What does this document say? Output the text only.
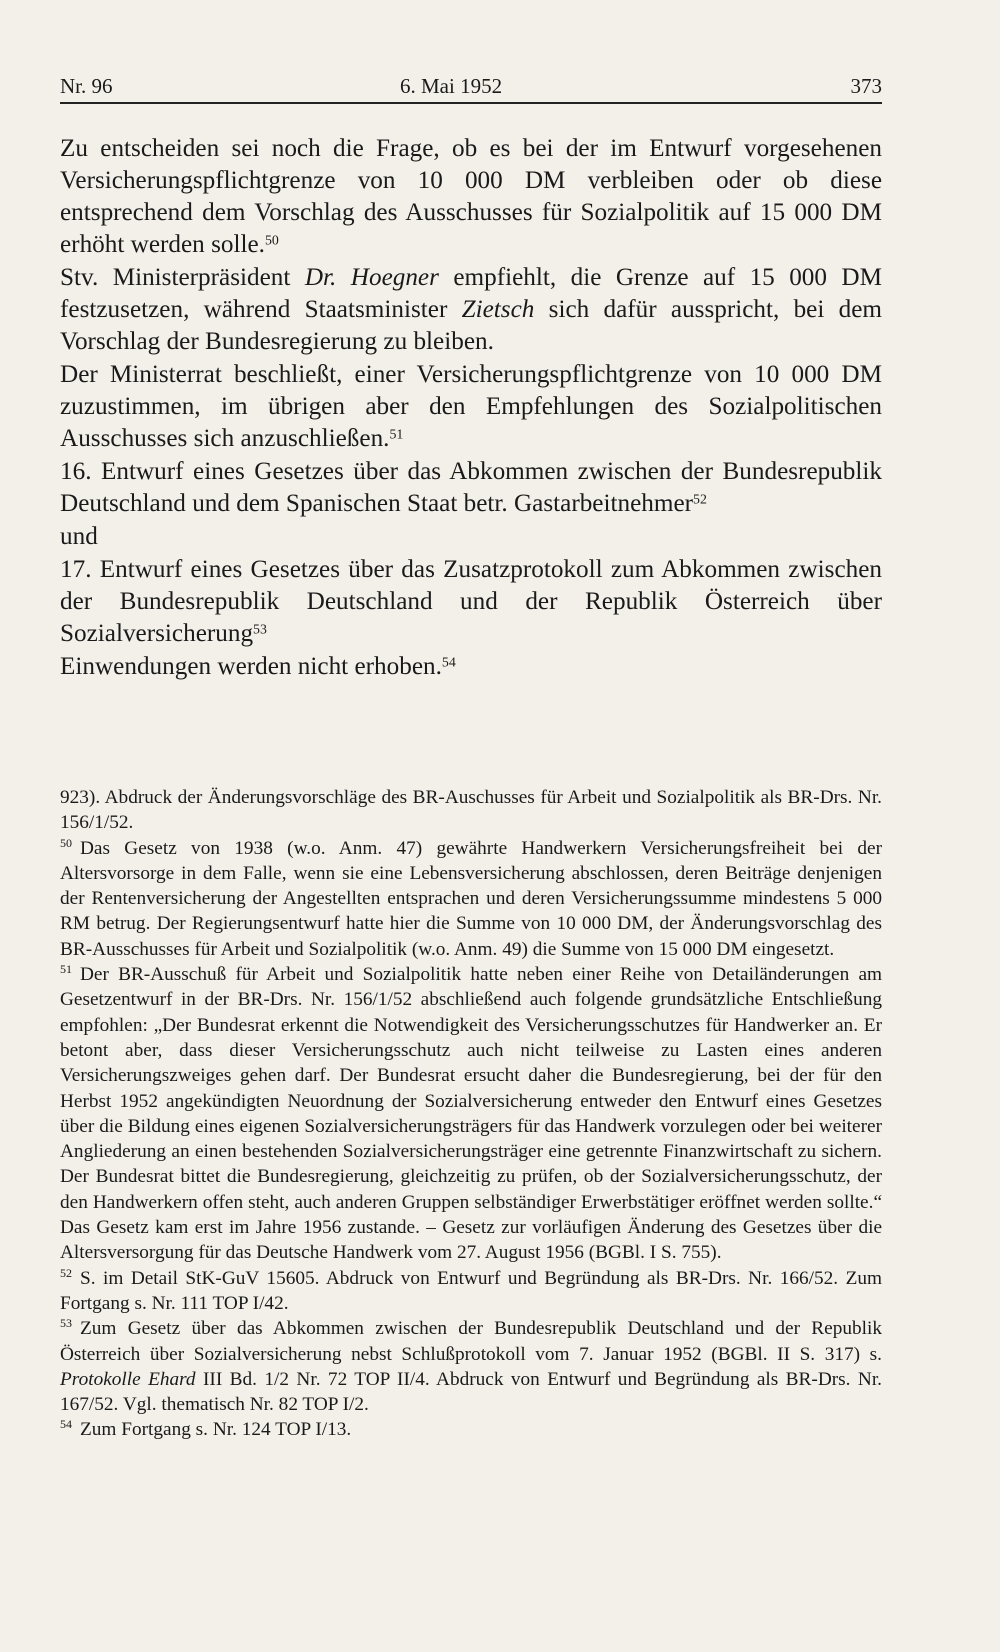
Nr. 96	6. Mai 1952	373

Zu entscheiden sei noch die Frage, ob es bei der im Entwurf vorgesehenen Versicherungspflichtgrenze von 10 000 DM verbleiben oder ob diese entsprechend dem Vorschlag des Ausschusses für Sozialpolitik auf 15 000 DM erhöht werden solle.$^{50}$

Stv. Ministerpräsident Dr. Hoegner empfiehlt, die Grenze auf 15 000 DM festzusetzen, während Staatsminister Zietsch sich dafür ausspricht, bei dem Vorschlag der Bundesregierung zu bleiben.

Der Ministerrat beschließt, einer Versicherungspflichtgrenze von 10 000 DM zuzustimmen, im übrigen aber den Empfehlungen des Sozialpolitischen Ausschusses sich anzuschließen.$^{51}$

16. Entwurf eines Gesetzes über das Abkommen zwischen der Bundesrepublik Deutschland und dem Spanischen Staat betr. Gastarbeitnehmer$^{52}$

und

17. Entwurf eines Gesetzes über das Zusatzprotokoll zum Abkommen zwischen der Bundesrepublik Deutschland und der Republik Österreich über Sozialversicherung$^{53}$

Einwendungen werden nicht erhoben.$^{54}$

923). Abdruck der Änderungsvorschläge des BR-Auschusses für Arbeit und Sozialpolitik als BR-Drs. Nr. 156/1/52.

50 Das Gesetz von 1938 (w.o. Anm. 47) gewährte Handwerkern Versicherungsfreiheit bei der Altersvorsorge in dem Falle, wenn sie eine Lebensversicherung abschlossen, deren Beiträge denjenigen der Rentenversicherung der Angestellten entsprachen und deren Versicherungssumme mindestens 5 000 RM betrug. Der Regierungsentwurf hatte hier die Summe von 10 000 DM, der Änderungsvorschlag des BR-Ausschusses für Arbeit und Sozialpolitik (w.o. Anm. 49) die Summe von 15 000 DM eingesetzt.

51 Der BR-Ausschuß für Arbeit und Sozialpolitik hatte neben einer Reihe von Detailänderungen am Gesetzentwurf in der BR-Drs. Nr. 156/1/52 abschließend auch folgende grundsätzliche Entschließung empfohlen: „Der Bundesrat erkennt die Notwendigkeit des Versicherungsschutzes für Handwerker an. Er betont aber, dass dieser Versicherungsschutz auch nicht teilweise zu Lasten eines anderen Versicherungszweiges gehen darf. Der Bundesrat ersucht daher die Bundesregierung, bei der für den Herbst 1952 angekündigten Neuordnung der Sozialversicherung entweder den Entwurf eines Gesetzes über die Bildung eines eigenen Sozialversicherungsträgers für das Handwerk vorzulegen oder bei weiterer Angliederung an einen bestehenden Sozialversicherungsträger eine getrennte Finanzwirtschaft zu sichern. Der Bundesrat bittet die Bundesregierung, gleichzeitig zu prüfen, ob der Sozialversicherungsschutz, der den Handwerkern offen steht, auch anderen Gruppen selbständiger Erwerbstätiger eröffnet werden sollte.“ Das Gesetz kam erst im Jahre 1956 zustande. – Gesetz zur vorläufigen Änderung des Gesetzes über die Altersversorgung für das Deutsche Handwerk vom 27. August 1956 (BGBl. I S. 755).

52 S. im Detail StK-GuV 15605. Abdruck von Entwurf und Begründung als BR-Drs. Nr. 166/52. Zum Fortgang s. Nr. 111 TOP I/42.

53 Zum Gesetz über das Abkommen zwischen der Bundesrepublik Deutschland und der Republik Österreich über Sozialversicherung nebst Schlußprotokoll vom 7. Januar 1952 (BGBl. II S. 317) s. Protokolle Ehard III Bd. 1/2 Nr. 72 TOP II/4. Abdruck von Entwurf und Begründung als BR-Drs. Nr. 167/52. Vgl. thematisch Nr. 82 TOP I/2.

54 Zum Fortgang s. Nr. 124 TOP I/13.
